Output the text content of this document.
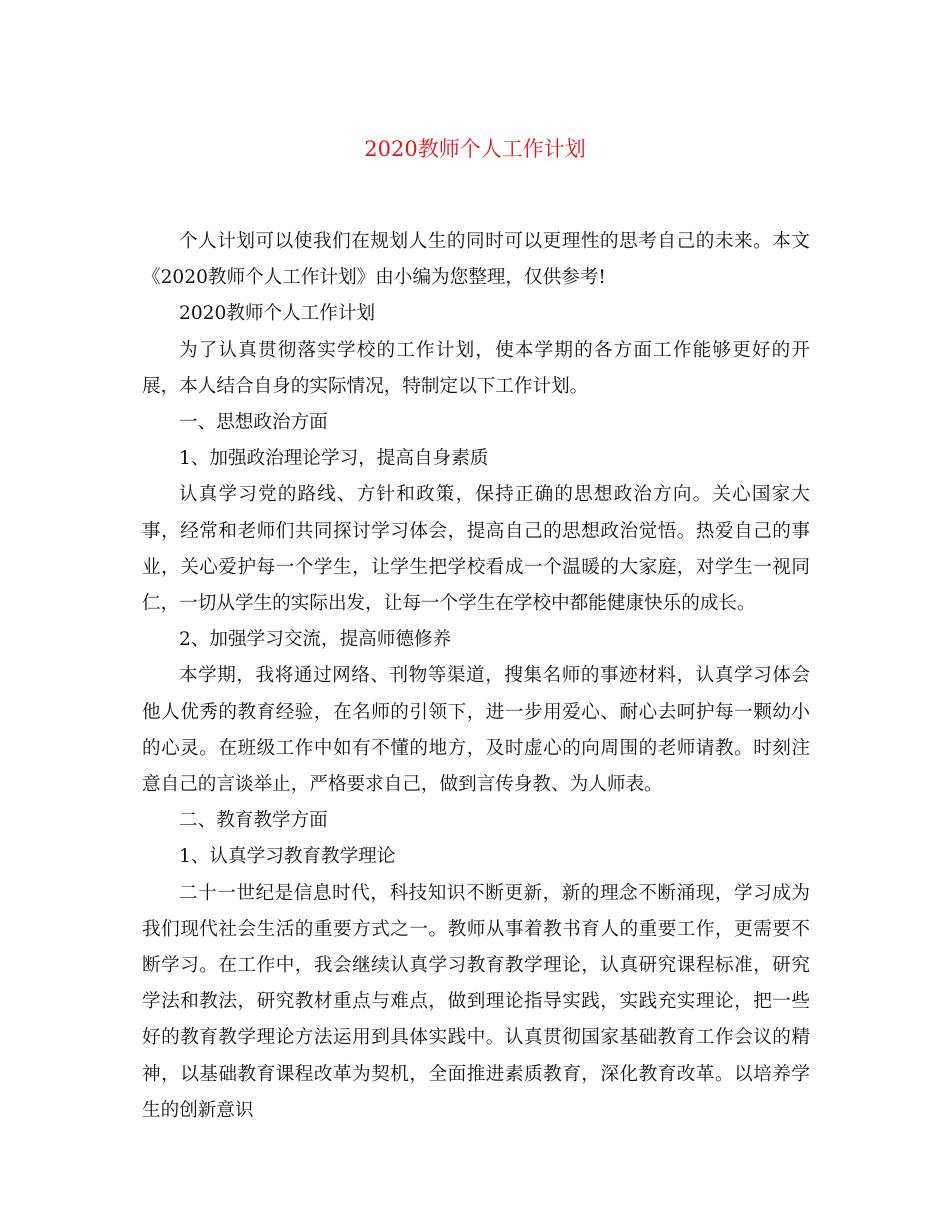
2020教师个人工作计划

个人计划可以使我们在规划人生的同时可以更理性的思考自己的未来。本文《2020教师个人工作计划》由小编为您整理，仅供参考!

2020教师个人工作计划

为了认真贯彻落实学校的工作计划，使本学期的各方面工作能够更好的开展，本人结合自身的实际情况，特制定以下工作计划。

一、思想政治方面

1、加强政治理论学习，提高自身素质

认真学习党的路线、方针和政策，保持正确的思想政治方向。关心国家大事，经常和老师们共同探讨学习体会，提高自己的思想政治觉悟。热爱自己的事业，关心爱护每一个学生，让学生把学校看成一个温暖的大家庭，对学生一视同仁，一切从学生的实际出发，让每一个学生在学校中都能健康快乐的成长。

2、加强学习交流，提高师德修养

本学期，我将通过网络、刊物等渠道，搜集名师的事迹材料，认真学习体会他人优秀的教育经验，在名师的引领下，进一步用爱心、耐心去呵护每一颗幼小的心灵。在班级工作中如有不懂的地方，及时虚心的向周围的老师请教。时刻注意自己的言谈举止，严格要求自己，做到言传身教、为人师表。

二、教育教学方面

1、认真学习教育教学理论

二十一世纪是信息时代，科技知识不断更新，新的理念不断涌现，学习成为我们现代社会生活的重要方式之一。教师从事着教书育人的重要工作，更需要不断学习。在工作中，我会继续认真学习教育教学理论，认真研究课程标准，研究学法和教法，研究教材重点与难点，做到理论指导实践，实践充实理论，把一些好的教育教学理论方法运用到具体实践中。认真贯彻国家基础教育工作会议的精神，以基础教育课程改革为契机，全面推进素质教育，深化教育改革。以培养学生的创新意识
